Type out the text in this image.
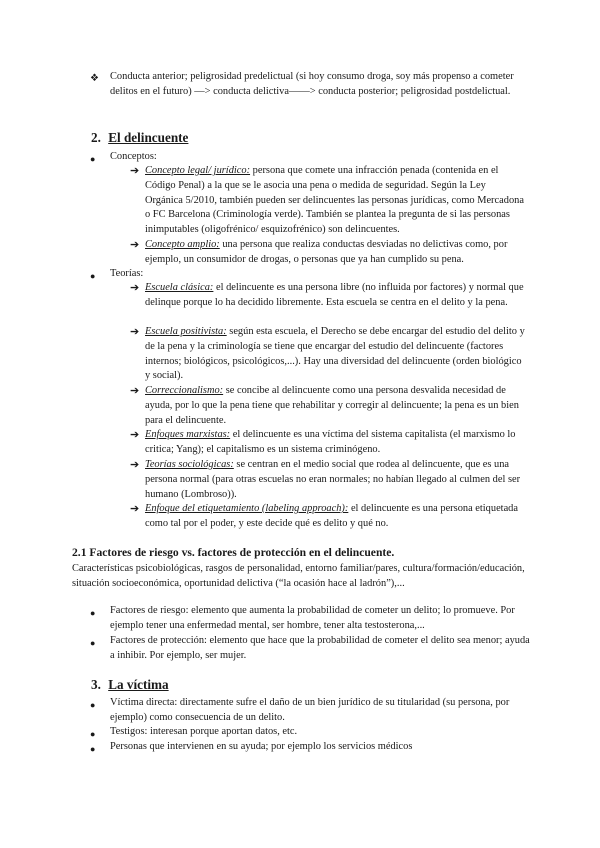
❖ Conducta anterior; peligrosidad predelictual (si hoy consumo droga, soy más propenso a cometer delitos en el futuro) —> conducta delictiva——> conducta posterior; peligrosidad postdelictual.
2. El delincuente
● Conceptos:
➔ Concepto legal/ jurídico: persona que comete una infracción penada (contenida en el Código Penal) a la que se le asocia una pena o medida de seguridad. Según la Ley Orgánica 5/2010, también pueden ser delincuentes las personas jurídicas, como Mercadona o FC Barcelona (Criminología verde). También se plantea la pregunta de si las personas inimputables (oligofrénico/ esquizofrénico) son delincuentes.
➔ Concepto amplio: una persona que realiza conductas desviadas no delictivas como, por ejemplo, un consumidor de drogas, o personas que ya han cumplido su pena.
● Teorías:
➔ Escuela clásica: el delincuente es una persona libre (no influida por factores) y normal que delinque porque lo ha decidido libremente. Esta escuela se centra en el delito y la pena.
➔ Escuela positivista: según esta escuela, el Derecho se debe encargar del estudio del delito y de la pena y la criminología se tiene que encargar del estudio del delincuente (factores internos; biológicos, psicológicos,...). Hay una diversidad del delincuente (orden biológico y social).
➔ Correccionalismo: se concibe al delincuente como una persona desvalida necesidad de ayuda, por lo que la pena tiene que rehabilitar y corregir al delincuente; la pena es un bien para el delincuente.
➔ Enfoques marxistas: el delincuente es una víctima del sistema capitalista (el marxismo lo critica; Yang); el capitalismo es un sistema criminógeno.
➔ Teorías sociológicas: se centran en el medio social que rodea al delincuente, que es una persona normal (para otras escuelas no eran normales; no habían llegado al culmen del ser humano (Lombroso)).
➔ Enfoque del etiquetamiento (labeling approach): el delincuente es una persona etiquetada como tal por el poder, y este decide qué es delito y qué no.
2.1 Factores de riesgo vs. factores de protección en el delincuente.
Características psicobiológicas, rasgos de personalidad, entorno familiar/pares, cultura/formación/educación, situación socioeconómica, oportunidad delictiva (“la ocasión hace al ladrón”),...
● Factores de riesgo: elemento que aumenta la probabilidad de cometer un delito; lo promueve. Por ejemplo tener una enfermedad mental, ser hombre, tener alta testosterona,...
● Factores de protección: elemento que hace que la probabilidad de cometer el delito sea menor; ayuda a inhibir. Por ejemplo, ser mujer.
3. La víctima
● Víctima directa: directamente sufre el daño de un bien jurídico de su titularidad (su persona, por ejemplo) como consecuencia de un delito.
● Testigos: interesan porque aportan datos, etc.
● Personas que intervienen en su ayuda; por ejemplo los servicios médicos
